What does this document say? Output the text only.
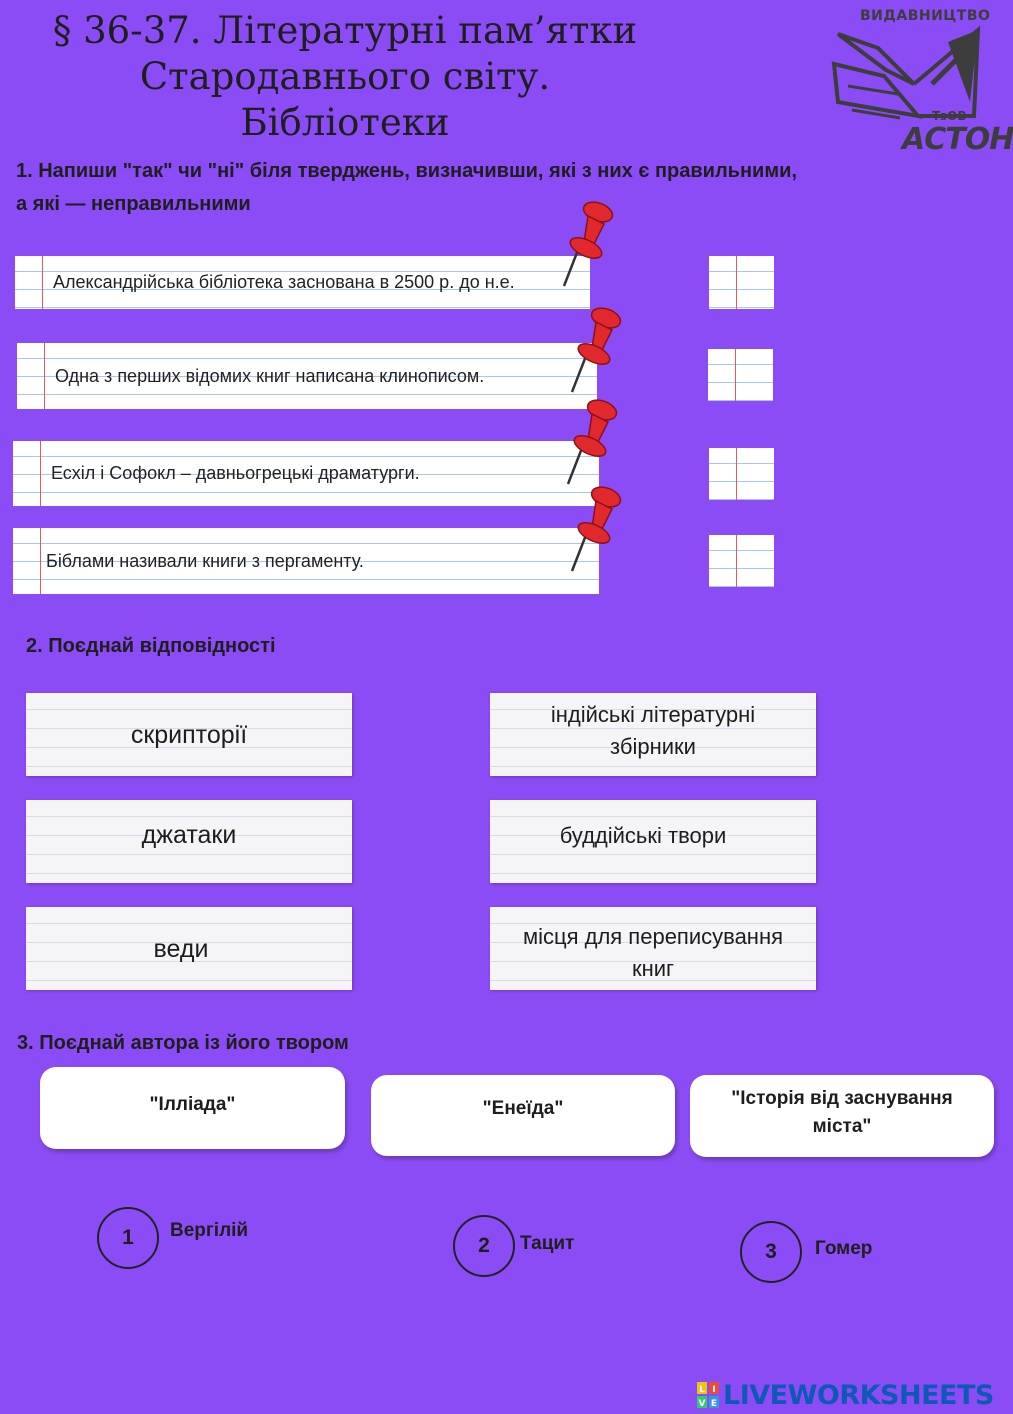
§ 36-37. Літературні пам’ятки
Стародавнього світу.
Бібліотеки
ВИДАВНИЦТВО
ТзОВ
АСТОН
1. Напиши "так" чи "ні" біля тверджень, визначивши, які з них є правильними,
а які — неправильними
Александрійська бібліотека заснована в 2500 р. до н.е.
Одна з перших відомих книг написана клинописом.
Есхіл і Софокл – давньогрецькі драматурги.
Біблами називали книги з пергаменту.
2. Поєднай відповідності
скрипторії
джатаки
веди
індійські літературні збірники
буддійські твори
місця для переписування книг
3. Поєднай автора із його твором
"Ілліада"	"Енеїда"	"Історія від заснування міста"
1	Вергілій
2	Тацит	3	Гомер
L I
V E LIVEWORKSHEETS
